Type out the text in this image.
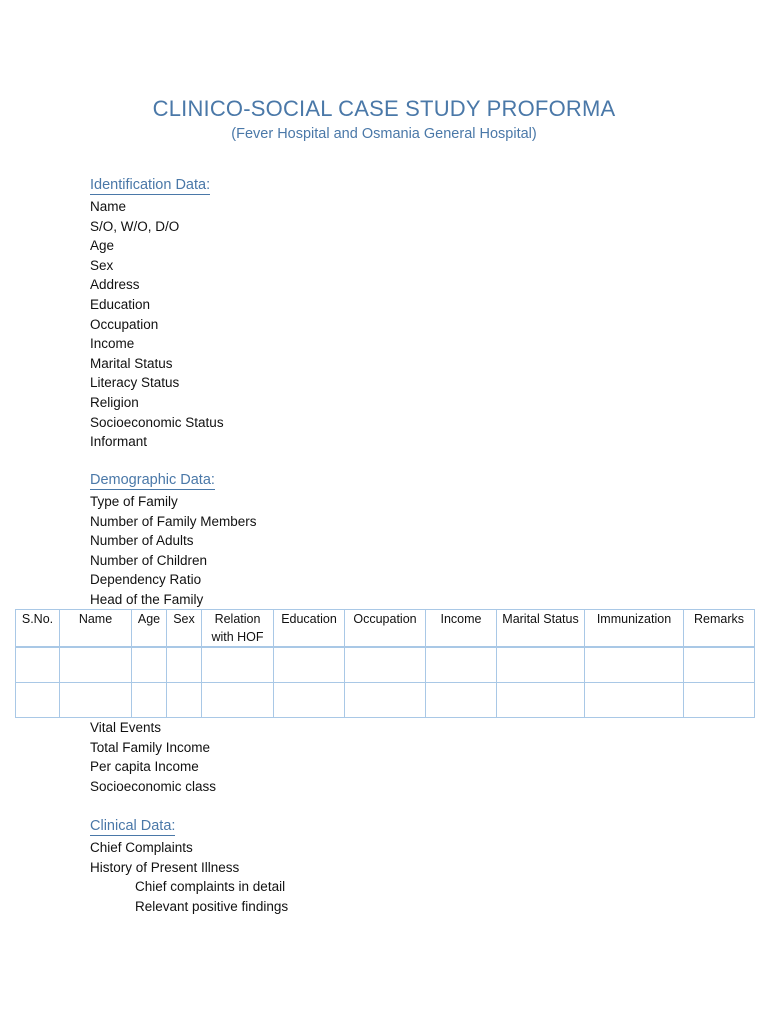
CLINICO-SOCIAL CASE STUDY PROFORMA
(Fever Hospital and Osmania General Hospital)
Identification Data:
Name
S/O, W/O, D/O
Age
Sex
Address
Education
Occupation
Income
Marital Status
Literacy Status
Religion
Socioeconomic Status
Informant
Demographic Data:
Type of Family
Number of Family Members
Number of Adults
Number of Children
Dependency Ratio
Head of the Family
S.No.	Name	Age	Sex	Relation with HOF	Education	Occupation	Income	Marital Status	Immunization	Remarks

Vital Events
Total Family Income
Per capita Income
Socioeconomic class
Clinical Data:
Chief Complaints
History of Present Illness
Chief complaints in detail
Relevant positive findings
